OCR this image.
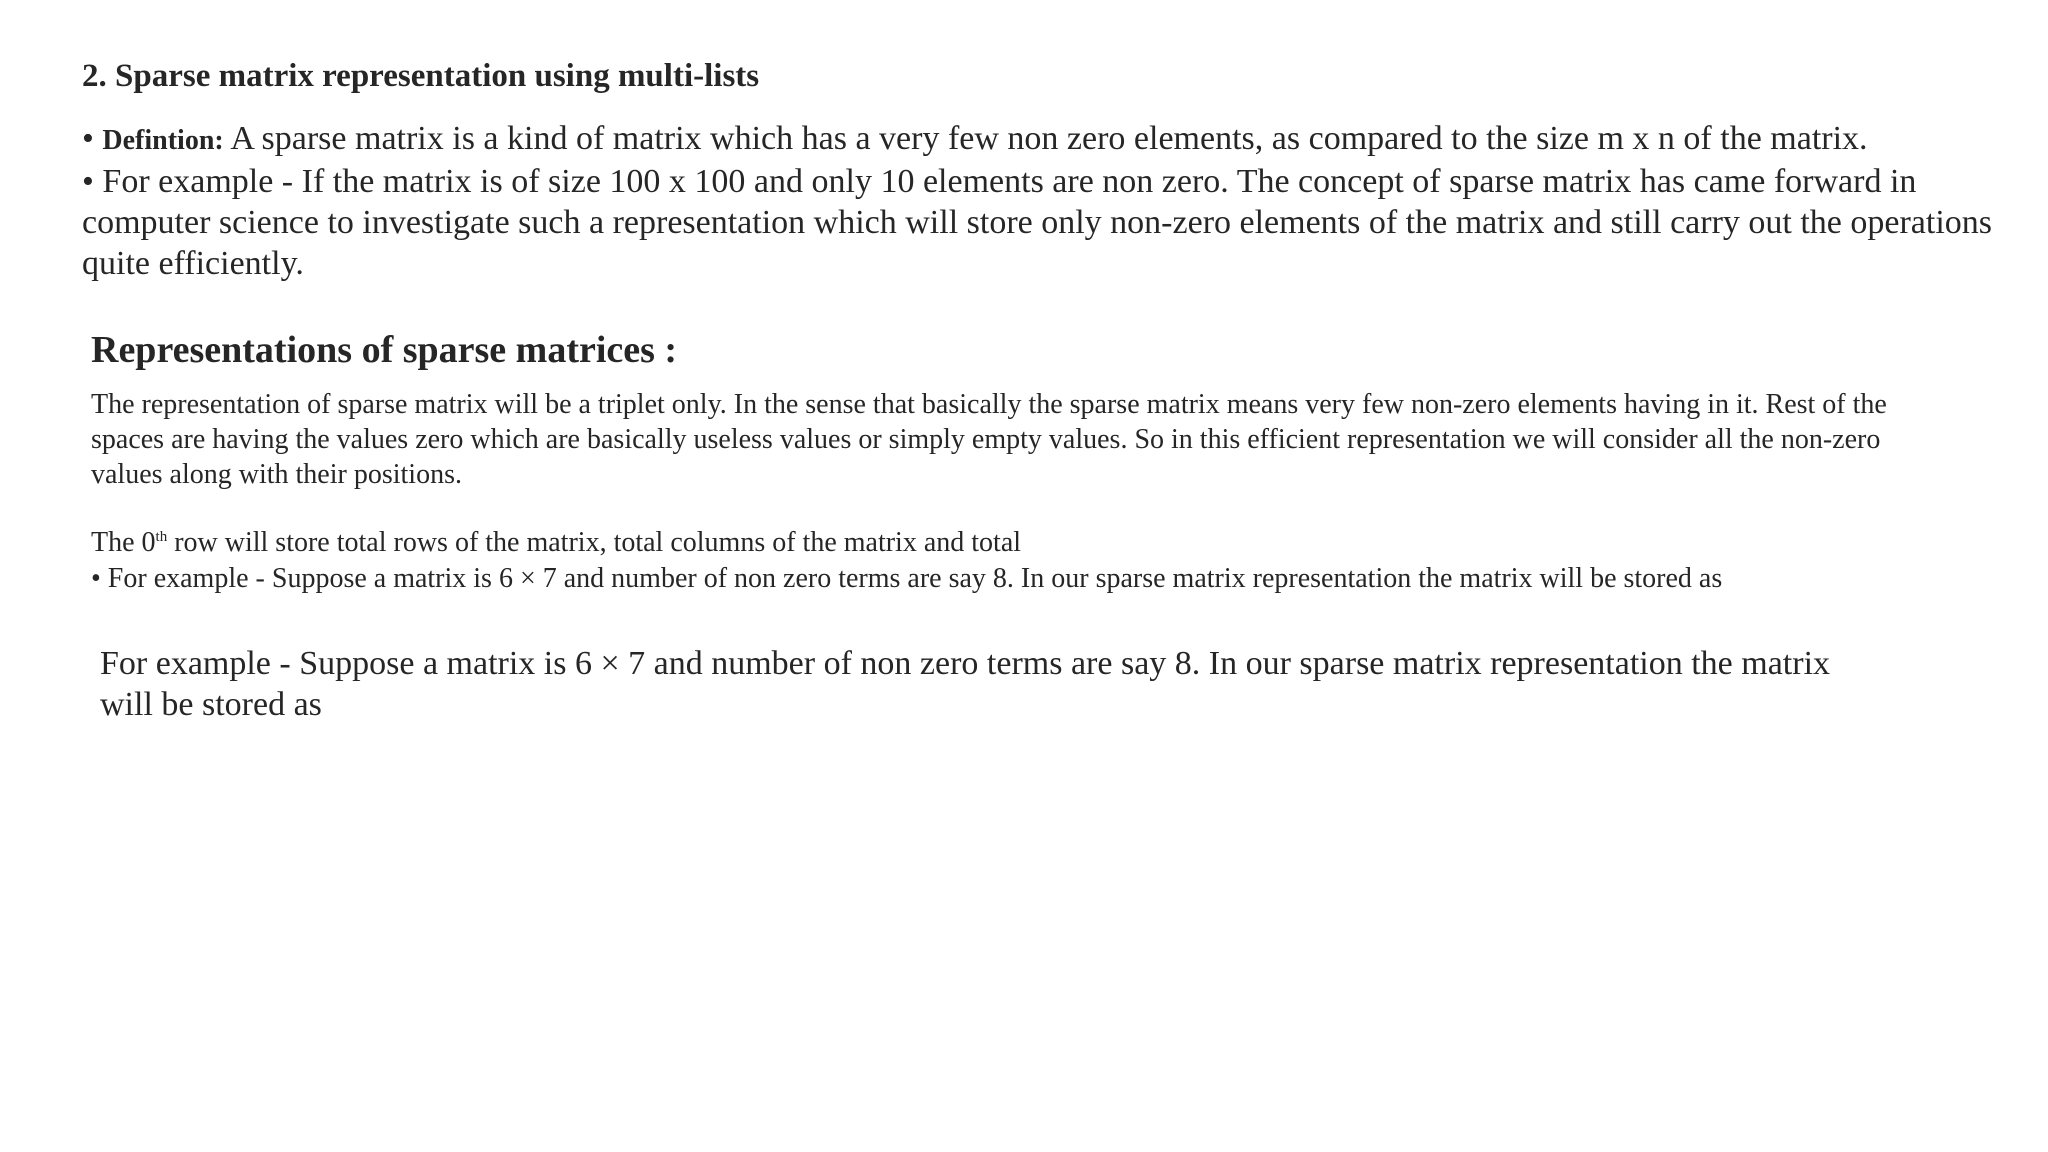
2. Sparse matrix representation using multi-lists

• Defintion: A sparse matrix is a kind of matrix which has a very few non zero elements, as compared to the size m x n of the matrix.

• For example - If the matrix is of size 100 x 100 and only 10 elements are non zero. The concept of sparse matrix has came forward in computer science to investigate such a representation which will store only non-zero elements of the matrix and still carry out the operations quite efficiently.

Representations of sparse matrices :

The representation of sparse matrix will be a triplet only. In the sense that basically the sparse matrix means very few non-zero elements having in it. Rest of the spaces are having the values zero which are basically useless values or simply empty values. So in this efficient representation we will consider all the non-zero values along with their positions.

The 0th row will store total rows of the matrix, total columns of the matrix and total

• For example - Suppose a matrix is 6 × 7 and number of non zero terms are say 8. In our sparse matrix representation the matrix will be stored as

For example - Suppose a matrix is 6 × 7 and number of non zero terms are say 8. In our sparse matrix representation the matrix will be stored as
